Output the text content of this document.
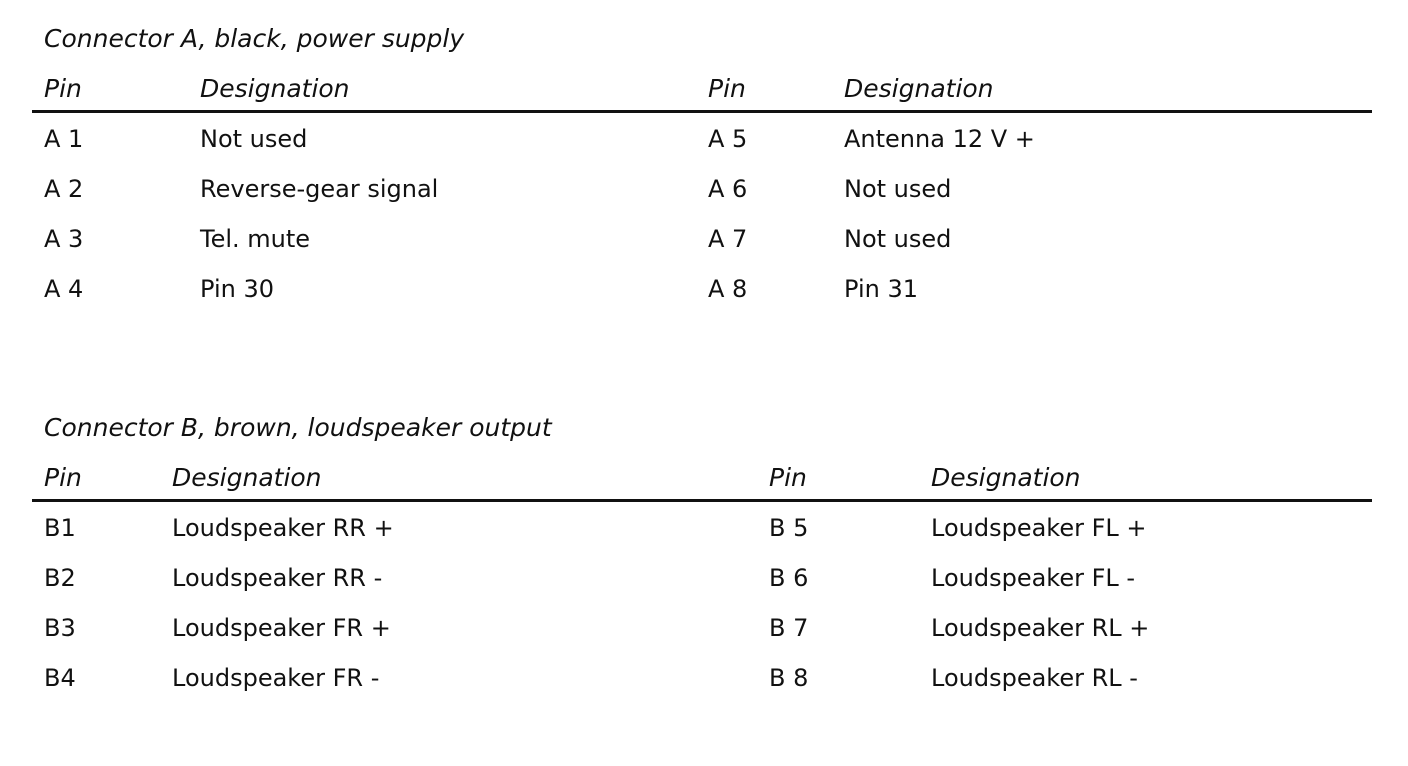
Connector A, black, power supply
Pin	Designation	Pin	Designation
A 1	Not used	A 5	Antenna 12 V +
A 2	Reverse-gear signal	A 6	Not used
A 3	Tel. mute	A 7	Not used
A 4	Pin 30	A 8	Pin 31
Connector B, brown, loudspeaker output
Pin	Designation	Pin	Designation
B1	Loudspeaker RR +	B 5	Loudspeaker FL +
B2	Loudspeaker RR -	B 6	Loudspeaker FL -
B3	Loudspeaker FR +	B 7	Loudspeaker RL +
B4	Loudspeaker FR -	B 8	Loudspeaker RL -
